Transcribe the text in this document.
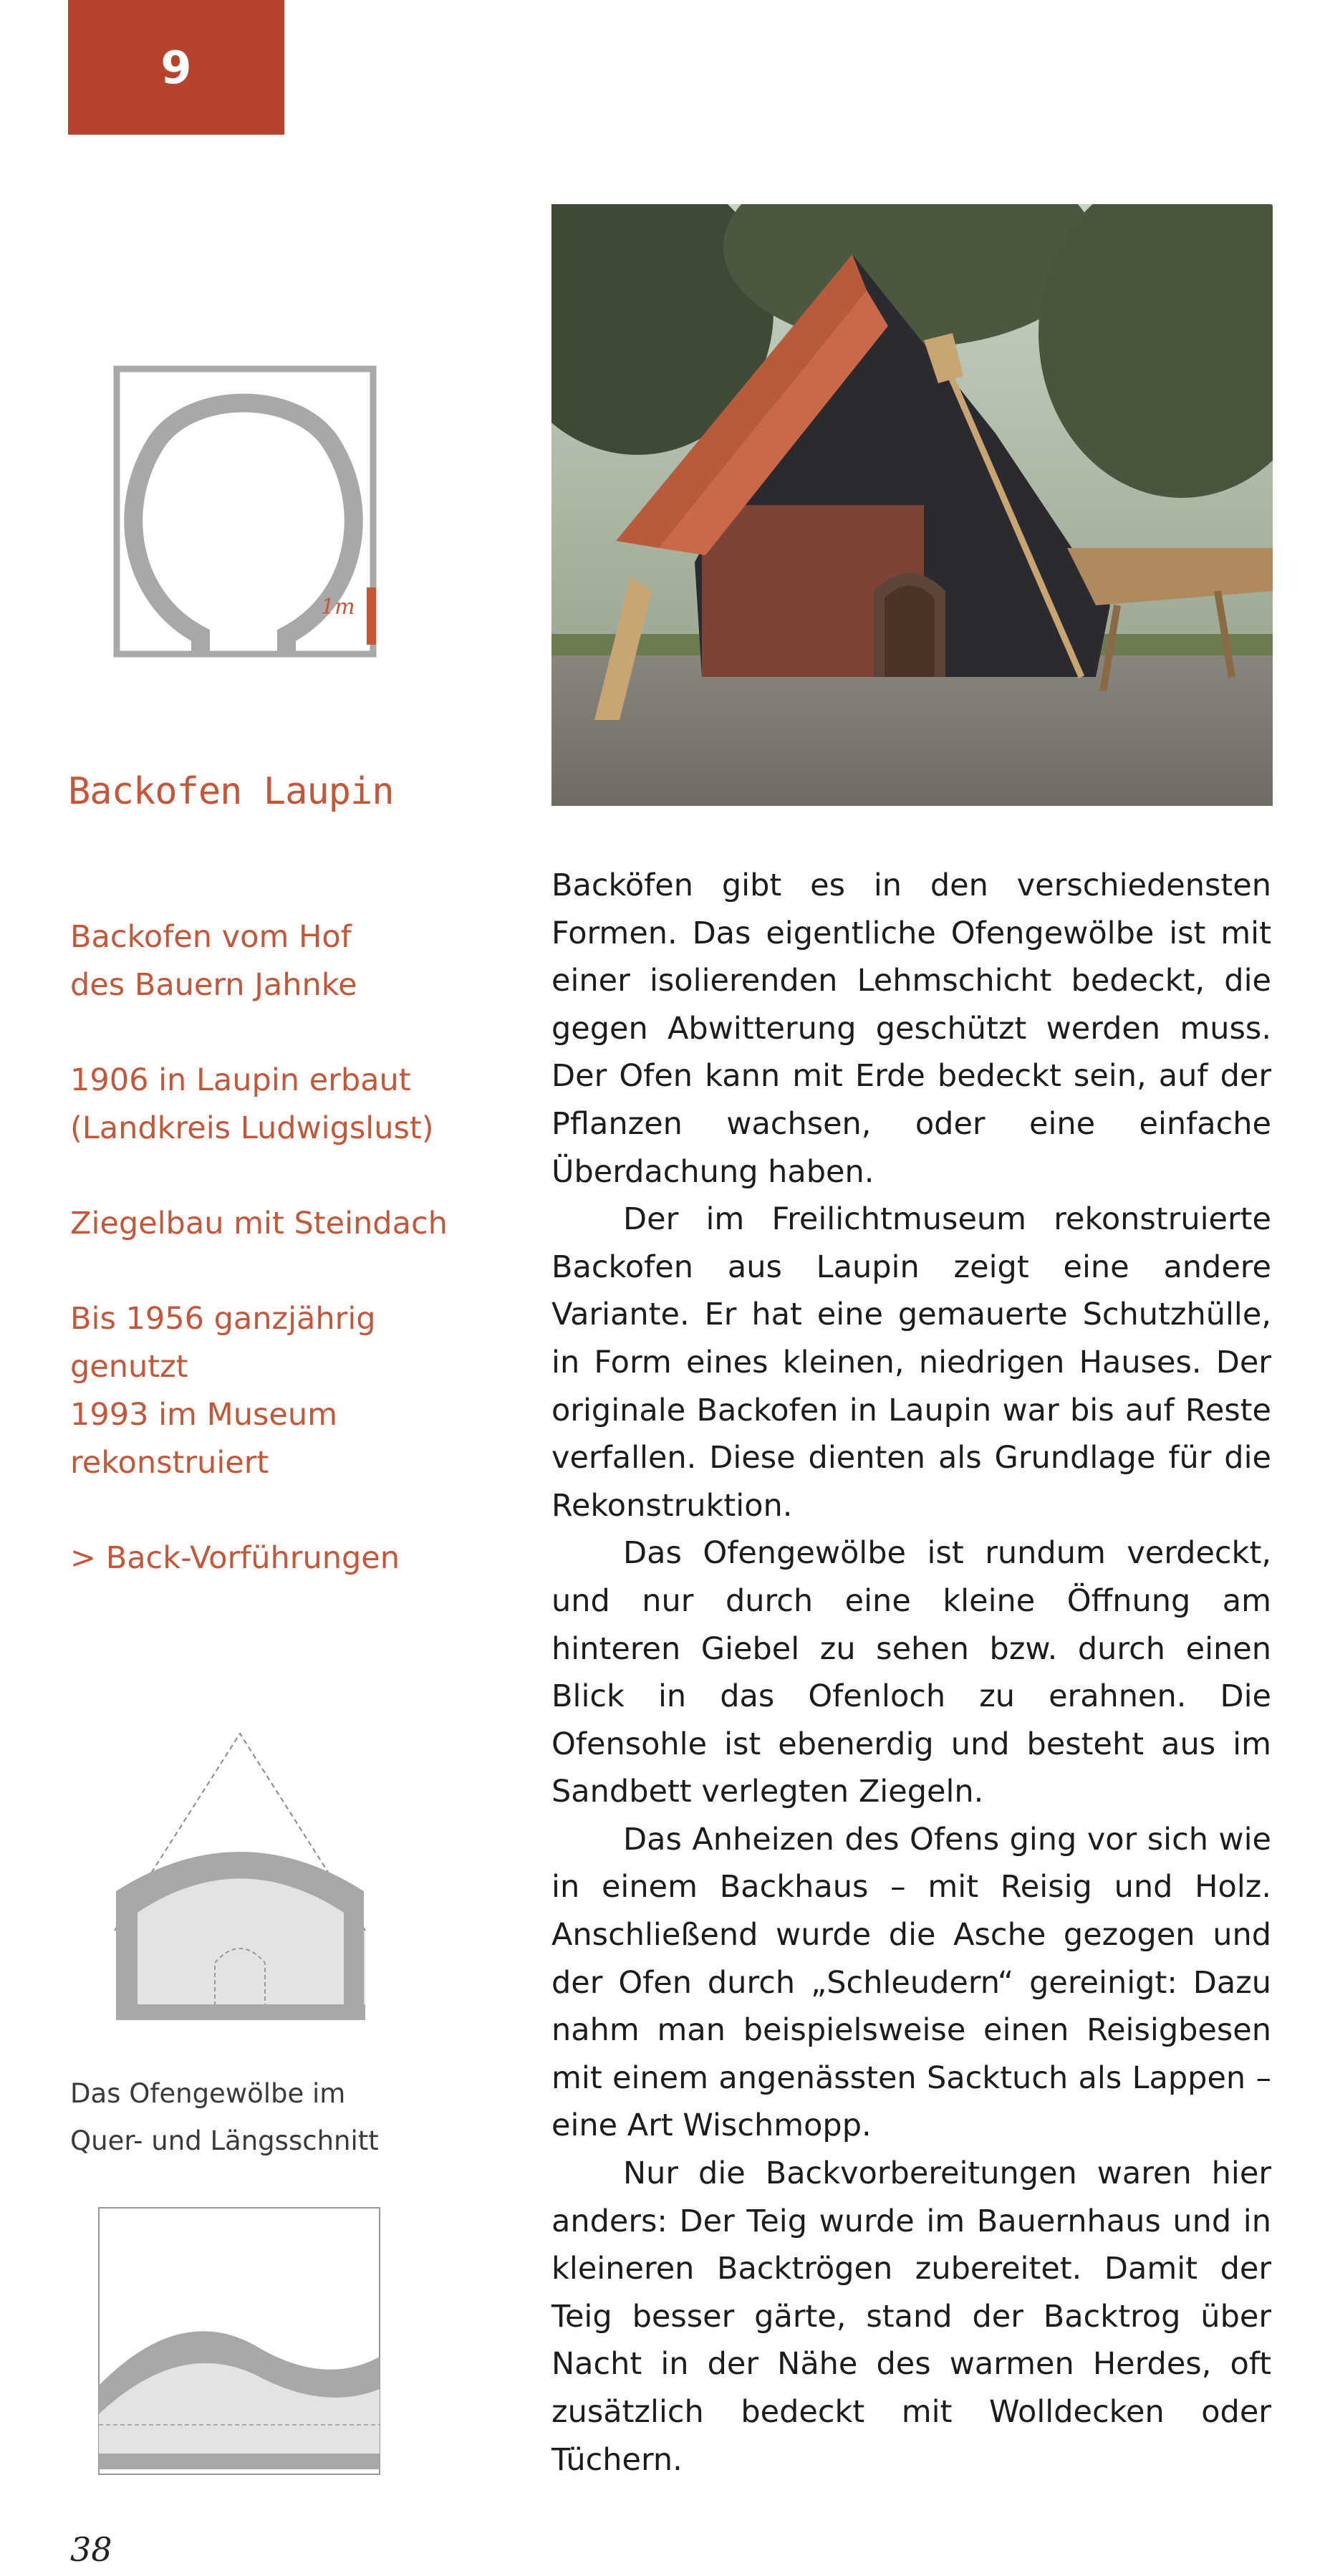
9
1m
Backofen Laupin
Backofen vom Hof
des Bauern Jahnke
1906 in Laupin erbaut
(Landkreis Ludwigslust)
Ziegelbau mit Steindach
Bis 1956 ganzjährig
genutzt
1993 im Museum
rekonstruiert
> Back-Vorführungen
Das Ofengewölbe im
Quer- und Längsschnitt

Backöfen gibt es in den verschiedensten Formen. Das eigentliche Ofengewölbe ist mit einer isolierenden Lehmschicht bedeckt, die gegen Abwitterung geschützt werden muss. Der Ofen kann mit Erde bedeckt sein, auf der Pflanzen wachsen, oder eine einfache Überdachung haben.

Der im Freilichtmuseum rekonstruierte Backofen aus Laupin zeigt eine andere Variante. Er hat eine gemauerte Schutzhülle, in Form eines kleinen, niedrigen Hauses. Der originale Backofen in Laupin war bis auf Reste verfallen. Diese dienten als Grundlage für die Rekonstruktion.

Das Ofengewölbe ist rundum verdeckt, und nur durch eine kleine Öffnung am hinteren Giebel zu sehen bzw. durch einen Blick in das Ofenloch zu erahnen. Die Ofensohle ist ebenerdig und besteht aus im Sandbett verlegten Ziegeln.

Das Anheizen des Ofens ging vor sich wie in einem Backhaus – mit Reisig und Holz. Anschließend wurde die Asche gezogen und der Ofen durch „Schleudern“ gereinigt: Dazu nahm man beispielsweise einen Reisigbesen mit einem angenässten Sacktuch als Lappen – eine Art Wischmopp.

Nur die Backvorbereitungen waren hier anders: Der Teig wurde im Bauernhaus und in kleineren Backtrögen zubereitet. Damit der Teig besser gärte, stand der Backtrog über Nacht in der Nähe des warmen Herdes, oft zusätzlich bedeckt mit Wolldecken oder Tüchern.

38
